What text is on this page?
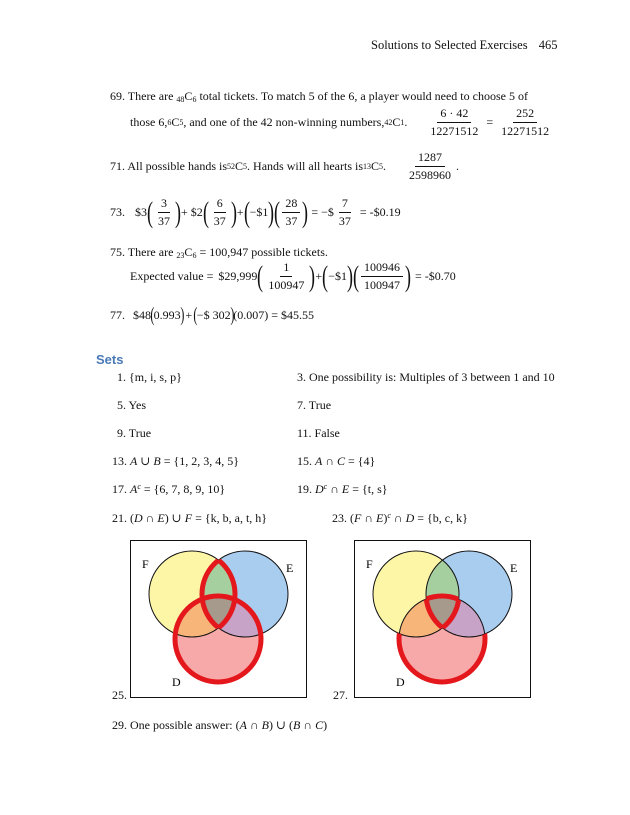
Solutions to Selected Exercises 465
69. There are $_{48}C_6$ total tickets. To match 5 of the 6, a player would need to choose 5 of
those 6, 6 C 5 , and one of the 42 non-winning numbers, 42 C 1 . $\frac{6 \cdot 42}{12271512} = \frac{252}{12271512}$
71. All possible hands is 52 C 5 . Hands will all hearts is 13 C 5 . $\frac{1287}{2598960}$ .
73. $3 ( $\frac{3}{37}$ ) + $2 ( $\frac{6}{37}$ ) + ( −$1 ) ( $\frac{28}{37}$ ) = −$ $\frac{7}{37}$ = -$0.19
75. There are $_{23}C_6 = 100,947$ possible tickets.
Expected value = $29,999 ( $\frac{1}{100947}$ ) + ( −$1 ) ( $\frac{100946}{100947}$ ) = -$0.70
77. $48 ( 0.993 ) + ( −$ 302 ) (0.007) = $45.55
Sets
1. {m, i, s, p}	3. One possibility is: Multiples of 3 between 1 and 10
5. Yes	7. True
9. True	11. False
13. A ∪ B = {1, 2, 3, 4, 5}	15. A ∩ C = {4}
17. $A^c = \{6$, 7, 8, 9, 10}	19. $D^c$ ∩ E = {t, s}
21. (D ∩ E) ∪ F = {k, b, a, t, h}	23. (F ∩ E)$^c$ ∩ D = {b, c, k}
F	E
D
25.
F	E
D
27.
29. One possible answer: (A ∩ B) ∪ (B ∩ C)
